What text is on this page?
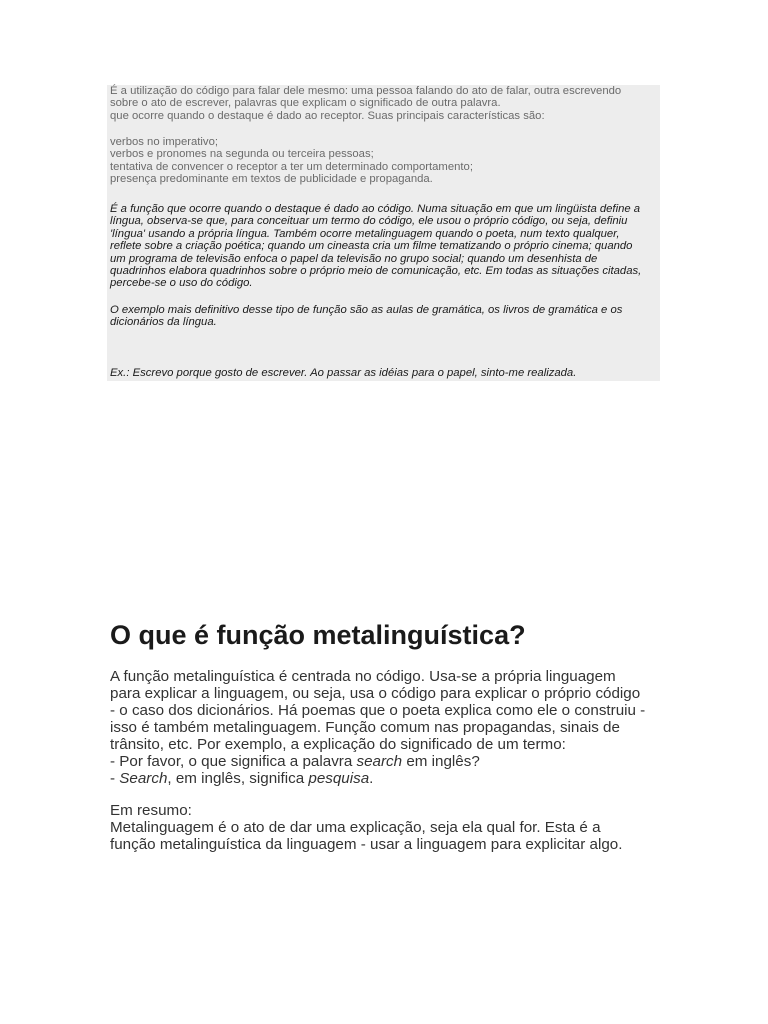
É a utilização do código para falar dele mesmo: uma pessoa falando do ato de falar, outra escrevendo
sobre o ato de escrever, palavras que explicam o significado de outra palavra.
que ocorre quando o destaque é dado ao receptor. Suas principais características são:

verbos no imperativo;
verbos e pronomes na segunda ou terceira pessoas;
tentativa de convencer o receptor a ter um determinado comportamento;
presença predominante em textos de publicidade e propaganda.

É a função que ocorre quando o destaque é dado ao código. Numa situação em que um lingüista define a
língua, observa-se que, para conceituar um termo do código, ele usou o próprio código, ou seja, definiu
'língua' usando a própria língua. Também ocorre metalinguagem quando o poeta, num texto qualquer,
reflete sobre a criação poética; quando um cineasta cria um filme tematizando o próprio cinema; quando
um programa de televisão enfoca o papel da televisão no grupo social; quando um desenhista de
quadrinhos elabora quadrinhos sobre o próprio meio de comunicação, etc. Em todas as situações citadas,
percebe-se o uso do código.

O exemplo mais definitivo desse tipo de função são as aulas de gramática, os livros de gramática e os
dicionários da língua.

Ex.: Escrevo porque gosto de escrever. Ao passar as idéias para o papel, sinto-me realizada.

O que é função metalinguística?
A função metalinguística é centrada no código. Usa-se a própria linguagem
para explicar a linguagem, ou seja, usa o código para explicar o próprio código
- o caso dos dicionários. Há poemas que o poeta explica como ele o construiu -
isso é também metalinguagem. Função comum nas propagandas, sinais de
trânsito, etc. Por exemplo, a explicação do significado de um termo:
- Por favor, o que significa a palavra search em inglês?
- Search, em inglês, significa pesquisa.
Em resumo:
Metalinguagem é o ato de dar uma explicação, seja ela qual for. Esta é a
função metalinguística da linguagem - usar a linguagem para explicitar algo.
